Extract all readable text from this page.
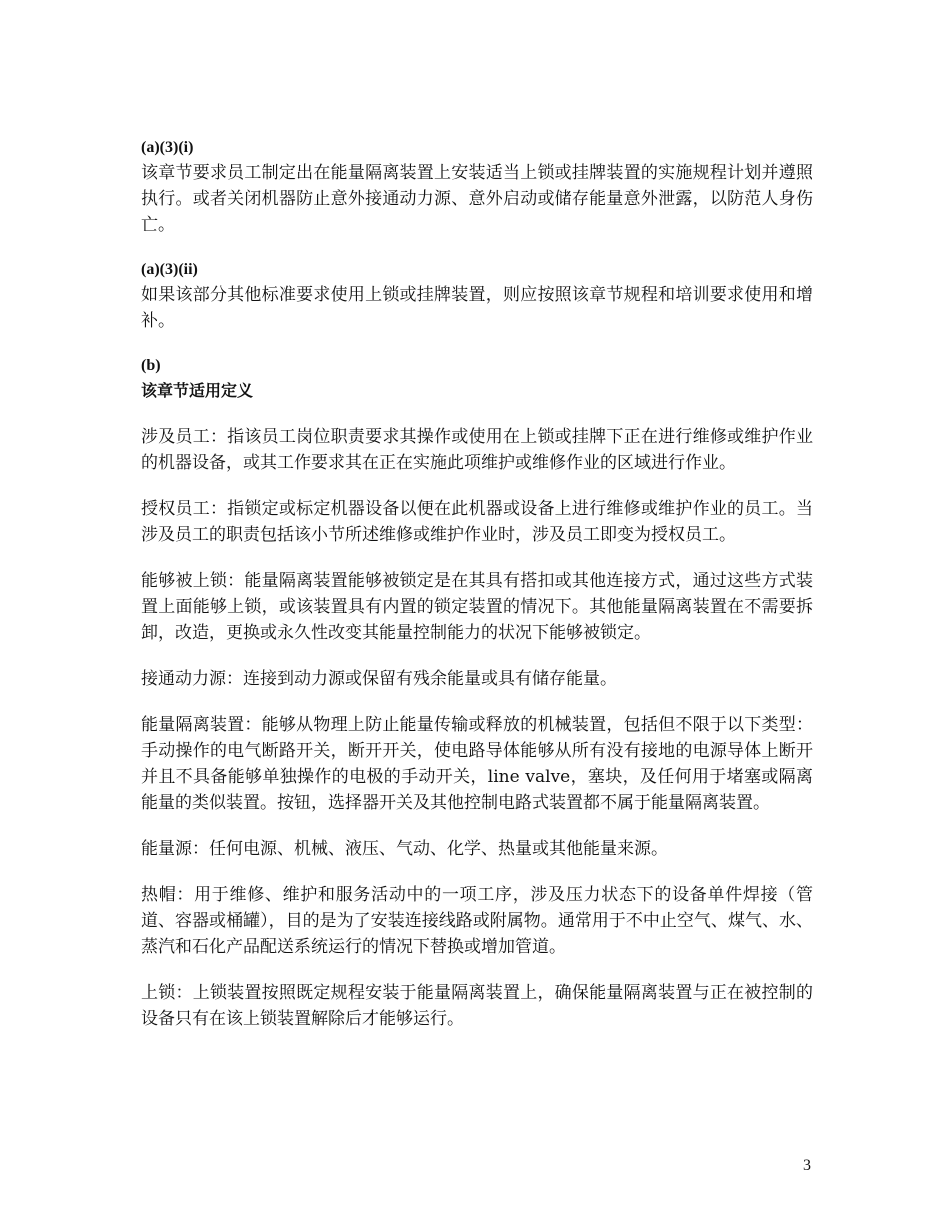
(a)(3)(i)

该章节要求员工制定出在能量隔离装置上安装适当上锁或挂牌装置的实施规程计划并遵照执行。或者关闭机器防止意外接通动力源、意外启动或储存能量意外泄露，以防范人身伤亡。

(a)(3)(ii)

如果该部分其他标准要求使用上锁或挂牌装置，则应按照该章节规程和培训要求使用和增补。

(b)

该章节适用定义

涉及员工：指该员工岗位职责要求其操作或使用在上锁或挂牌下正在进行维修或维护作业的机器设备，或其工作要求其在正在实施此项维护或维修作业的区域进行作业。

授权员工：指锁定或标定机器设备以便在此机器或设备上进行维修或维护作业的员工。当涉及员工的职责包括该小节所述维修或维护作业时，涉及员工即变为授权员工。

能够被上锁：能量隔离装置能够被锁定是在其具有搭扣或其他连接方式，通过这些方式装置上面能够上锁，或该装置具有内置的锁定装置的情况下。其他能量隔离装置在不需要拆卸，改造，更换或永久性改变其能量控制能力的状况下能够被锁定。

接通动力源：连接到动力源或保留有残余能量或具有储存能量。

能量隔离装置：能够从物理上防止能量传输或释放的机械装置，包括但不限于以下类型：手动操作的电气断路开关，断开开关，使电路导体能够从所有没有接地的电源导体上断开并且不具备能够单独操作的电极的手动开关，line valve，塞块，及任何用于堵塞或隔离能量的类似装置。按钮，选择器开关及其他控制电路式装置都不属于能量隔离装置。

能量源：任何电源、机械、液压、气动、化学、热量或其他能量来源。

热帽：用于维修、维护和服务活动中的一项工序，涉及压力状态下的设备单件焊接（管道、容器或桶罐），目的是为了安装连接线路或附属物。通常用于不中止空气、煤气、水、蒸汽和石化产品配送系统运行的情况下替换或增加管道。

上锁：上锁装置按照既定规程安装于能量隔离装置上，确保能量隔离装置与正在被控制的设备只有在该上锁装置解除后才能够运行。

3
